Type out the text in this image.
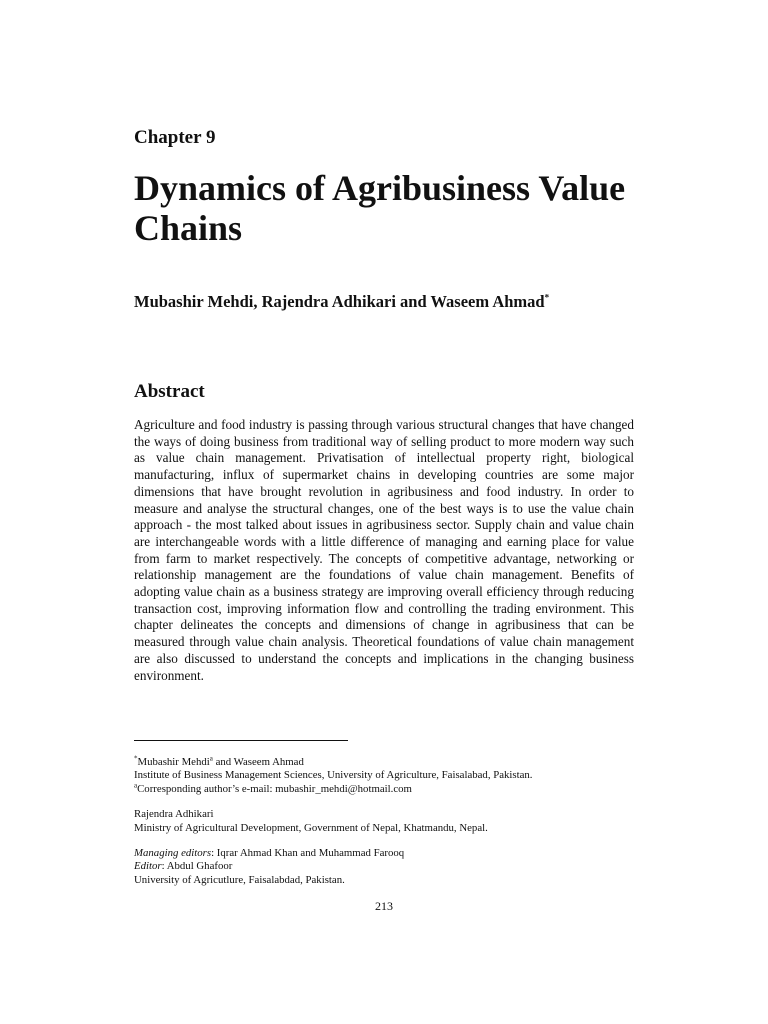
Chapter 9

Dynamics of Agribusiness Value Chains

Mubashir Mehdi, Rajendra Adhikari and Waseem Ahmad*

Abstract

Agriculture and food industry is passing through various structural changes that have changed the ways of doing business from traditional way of selling product to more modern way such as value chain management. Privatisation of intellectual property right, biological manufacturing, influx of supermarket chains in developing countries are some major dimensions that have brought revolution in agribusiness and food industry. In order to measure and analyse the structural changes, one of the best ways is to use the value chain approach - the most talked about issues in agribusiness sector. Supply chain and value chain are interchangeable words with a little difference of managing and earning place for value from farm to market respectively. The concepts of competitive advantage, networking or relationship management are the foundations of value chain management. Benefits of adopting value chain as a business strategy are improving overall efficiency through reducing transaction cost, improving information flow and controlling the trading environment. This chapter delineates the concepts and dimensions of change in agribusiness that can be measured through value chain analysis. Theoretical foundations of value chain management are also discussed to understand the concepts and implications in the changing business environment.

*Mubashir Mehdi$^a$ and Waseem Ahmad

Institute of Business Management Sciences, University of Agriculture, Faisalabad, Pakistan.

$^a$Corresponding author’s e-mail: mubashir_mehdi@hotmail.com

Rajendra Adhikari

Ministry of Agricultural Development, Government of Nepal, Khatmandu, Nepal.

Managing editors: Iqrar Ahmad Khan and Muhammad Farooq

Editor: Abdul Ghafoor

University of Agricutlure, Faisalabdad, Pakistan.

213
